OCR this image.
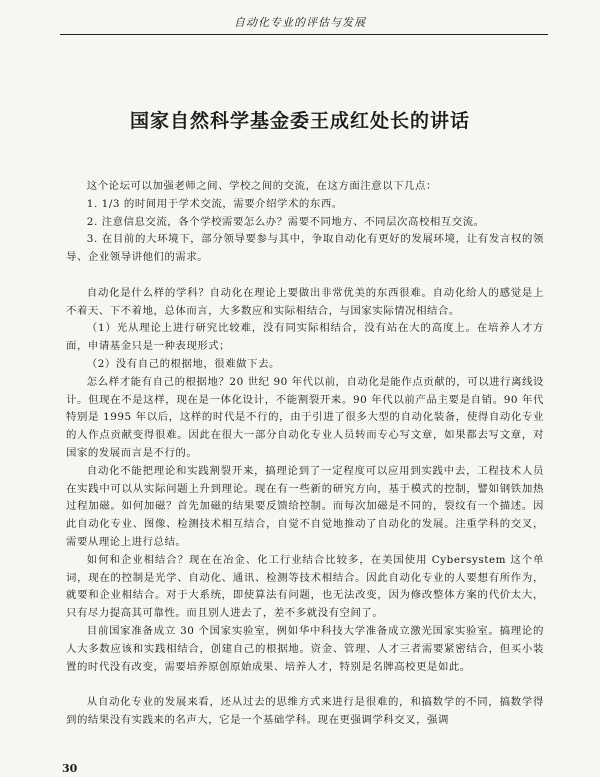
自动化专业的评估与发展
国家自然科学基金委王成红处长的讲话

这个论坛可以加强老师之间、学校之间的交流，在这方面注意以下几点：

1. 1/3 的时间用于学术交流，需要介绍学术的东西。

2. 注意信息交流，各个学校需要怎么办？需要不同地方、不同层次高校相互交流。

3. 在目前的大环境下，部分领导要参与其中，争取自动化有更好的发展环境，让有发言权的领导、企业领导讲他们的需求。

自动化是什么样的学科？自动化在理论上要做出非常优美的东西很难。自动化给人的感觉是上不着天、下不着地，总体而言，大多数应和实际相结合，与国家实际情况相结合。

（1）光从理论上进行研究比较难，没有同实际相结合，没有站在大的高度上。在培养人才方面，申请基金只是一种表现形式；

（2）没有自己的根据地，很难做下去。

怎么样才能有自己的根据地？20 世纪 90 年代以前，自动化是能作点贡献的，可以进行离线设计。但现在不是这样，现在是一体化设计，不能割裂开来。90 年代以前产品主要是自销。90 年代特别是 1995 年以后，这样的时代是不行的，由于引进了很多大型的自动化装备，使得自动化专业的人作点贡献变得很难。因此在很大一部分自动化专业人员转而专心写文章，如果都去写文章，对国家的发展而言是不行的。

自动化不能把理论和实践割裂开来，搞理论到了一定程度可以应用到实践中去，工程技术人员在实践中可以从实际问题上升到理论。现在有一些新的研究方向，基于模式的控制，譬如钢铁加热过程加磁。如何加磁？首先加磁的结果要反馈给控制。而每次加磁是不同的，裂纹有一个描述。因此自动化专业、图像、检测技术相互结合，自觉不自觉地推动了自动化的发展。注重学科的交叉，需要从理论上进行总结。

如何和企业相结合？现在在冶金、化工行业结合比较多，在美国使用 Cybersystem 这个单词，现在的控制是光学、自动化、通讯、检测等技术相结合。因此自动化专业的人要想有所作为，就要和企业相结合。对于大系统，即使算法有问题，也无法改变，因为修改整体方案的代价太大，只有尽力提高其可靠性。而且别人进去了，差不多就没有空间了。

目前国家准备成立 30 个国家实验室，例如华中科技大学准备成立激光国家实验室。搞理论的人大多数应该和实践相结合，创建自己的根据地。资金、管理、人才三者需要紧密结合，但买小装置的时代没有改变，需要培养原创原始成果、培养人才，特别是名牌高校更是如此。

从自动化专业的发展来看，还从过去的思维方式来进行是很难的，和搞数学的不同，搞数学得到的结果没有实践来的名声大，它是一个基础学科。现在更强调学科交叉，强调

30
